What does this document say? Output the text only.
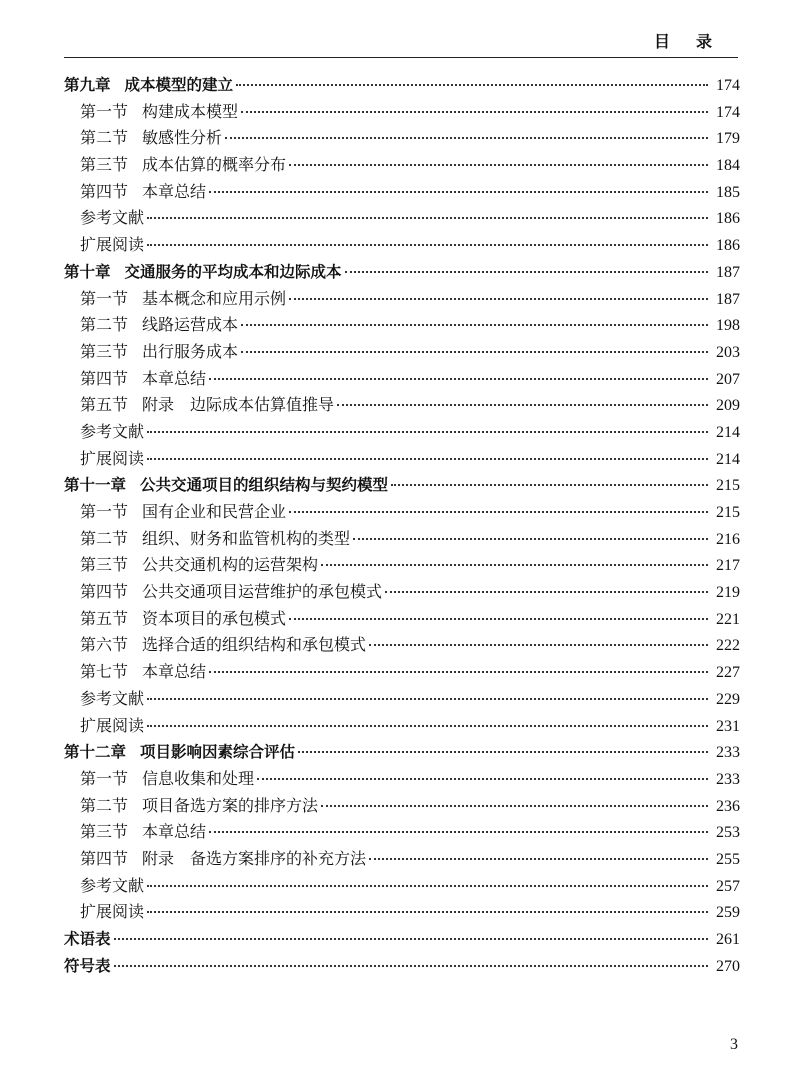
目录
第九章 成本模型的建立	174
第一节 构建成本模型	174
第二节 敏感性分析	179
第三节 成本估算的概率分布	184
第四节 本章总结	185
参考文献	186
扩展阅读	186
第十章 交通服务的平均成本和边际成本	187
第一节 基本概念和应用示例	187
第二节 线路运营成本	198
第三节 出行服务成本	203
第四节 本章总结	207
第五节 附录　边际成本估算值推导	209
参考文献	214
扩展阅读	214
第十一章 公共交通项目的组织结构与契约模型	215
第一节 国有企业和民营企业	215
第二节 组织、财务和监管机构的类型	216
第三节 公共交通机构的运营架构	217
第四节 公共交通项目运营维护的承包模式	219
第五节 资本项目的承包模式	221
第六节 选择合适的组织结构和承包模式	222
第七节 本章总结	227
参考文献	229
扩展阅读	231
第十二章 项目影响因素综合评估	233
第一节 信息收集和处理	233
第二节 项目备选方案的排序方法	236
第三节 本章总结	253
第四节 附录　备选方案排序的补充方法	255
参考文献	257
扩展阅读	259
术语表	261
符号表	270
3
